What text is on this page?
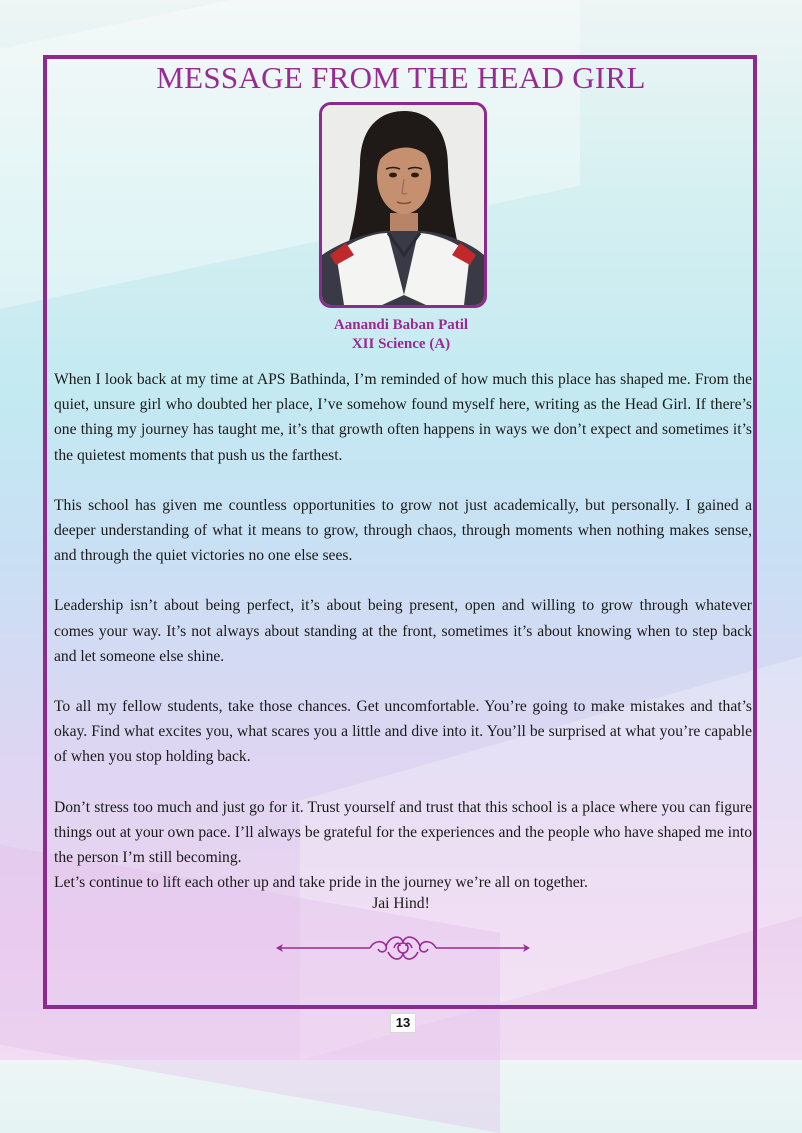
MESSAGE FROM THE HEAD GIRL
Aanandi Baban Patil
XII Science (A)

When I look back at my time at APS Bathinda, I’m reminded of how much this place has shaped me. From the quiet, unsure girl who doubted her place, I’ve somehow found myself here, writing as the Head Girl. If there’s one thing my journey has taught me, it’s that growth often happens in ways we don’t expect and sometimes it’s the quietest moments that push us the farthest.

This school has given me countless opportunities to grow not just academically, but personally. I gained a deeper understanding of what it means to grow, through chaos, through moments when nothing makes sense, and through the quiet victories no one else sees.

Leadership isn’t about being perfect, it’s about being present, open and willing to grow through whatever comes your way. It’s not always about standing at the front, sometimes it’s about knowing when to step back and let someone else shine.

To all my fellow students, take those chances. Get uncomfortable. You’re going to make mistakes and that’s okay. Find what excites you, what scares you a little and dive into it. You’ll be surprised at what you’re capable of when you stop holding back.

Don’t stress too much and just go for it. Trust yourself and trust that this school is a place where you can figure things out at your own pace. I’ll always be grateful for the experiences and the people who have shaped me into the person I’m still becoming.

Let’s continue to lift each other up and take pride in the journey we’re all on together.

Jai Hind!
13
